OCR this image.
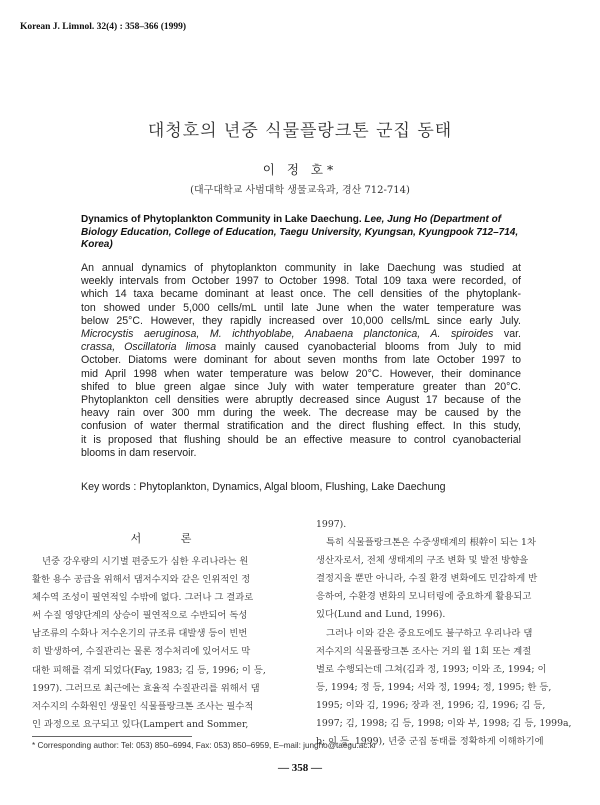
Korean J. Limnol. 32(4) : 358–366 (1999)
대청호의 년중 식물플랑크톤 군집 동태
이 정 호*
(대구대학교 사범대학 생물교육과, 경산 712-714)
Dynamics of Phytoplankton Community in Lake Daechung. Lee, Jung Ho (Department of Biology Education, College of Education, Taegu University, Kyungsan, Kyungpook 712–714, Korea)
An annual dynamics of phytoplankton community in lake Daechung was studied at
weekly intervals from October 1997 to October 1998. Total 109 taxa were recorded, of
which 14 taxa became dominant at least once. The cell densities of the phytoplank-
ton showed under 5,000 cells/mL until late June when the water temperature was
below 25°C. However, they rapidly increased over 10,000 cells/mL since early July.
Microcystis aeruginosa, M. ichthyoblabe, Anabaena planctonica, A. spiroides var.
crassa, Oscillatoria limosa mainly caused cyanobacterial blooms from July to mid
October. Diatoms were dominant for about seven months from late October 1997 to
mid April 1998 when water temperature was below 20°C. However, their dominance
shifed to blue green algae since July with water temperature greater than 20°C.
Phytoplankton cell densities were abruptly decreased since August 17 because of the
heavy rain over 300 mm during the week. The decrease may be caused by the
confusion of water thermal stratification and the direct flushing effect. In this study,
it is proposed that flushing should be an effective measure to control cyanobacterial
blooms in dam reservoir.
Key words : Phytoplankton, Dynamics, Algal bloom, Flushing, Lake Daechung
서 론
년중 강우량의 시기별 편중도가 심한 우리나라는 원
활한 용수 공급을 위해서 댐저수지와 같은 인위적인 정
체수역 조성이 필연적일 수밖에 없다. 그러나 그 결과로
써 수질 영양단계의 상승이 필연적으로 수반되어 독성
남조류의 수화나 저수온기의 규조류 대발생 등이 빈번
히 발생하여, 수질관리는 물론 정수처리에 있어서도 막
대한 피해를 겪게 되었다(Fay, 1983; 김 등, 1996; 이 등,
1997). 그러므로 최근에는 효율적 수질관리를 위해서 댐
저수지의 수화원인 생물인 식물플랑크톤 조사는 필수적
인 과정으로 요구되고 있다(Lampert and Sommer,
1997).
특히 식물플랑크톤은 수중생태계의 根幹이 되는 1차
생산자로서, 전체 생태계의 구조 변화 및 발전 방향을
결정지을 뿐만 아니라, 수질 환경 변화에도 민감하게 반
응하여, 수환경 변화의 모니터링에 중요하게 활용되고
있다(Lund and Lund, 1996).
그러나 이와 같은 중요도에도 불구하고 우리나라 댐
저수지의 식물플랑크톤 조사는 거의 월 1회 또는 계절
별로 수행되는데 그쳐(김과 정, 1993; 이와 조, 1994; 이
등, 1994; 정 등, 1994; 서와 정, 1994; 정, 1995; 한 등,
1995; 이와 김, 1996; 장과 전, 1996; 김, 1996; 김 등,
1997; 김, 1998; 김 등, 1998; 이와 부, 1998; 김 등, 1999a,
b; 이 등, 1999), 년중 군집 동태를 정확하게 이해하기에
* Corresponding author: Tel: 053) 850–6994, Fax: 053) 850–6959, E–mail: jungho@taegu.ac.kr
— 358 —
